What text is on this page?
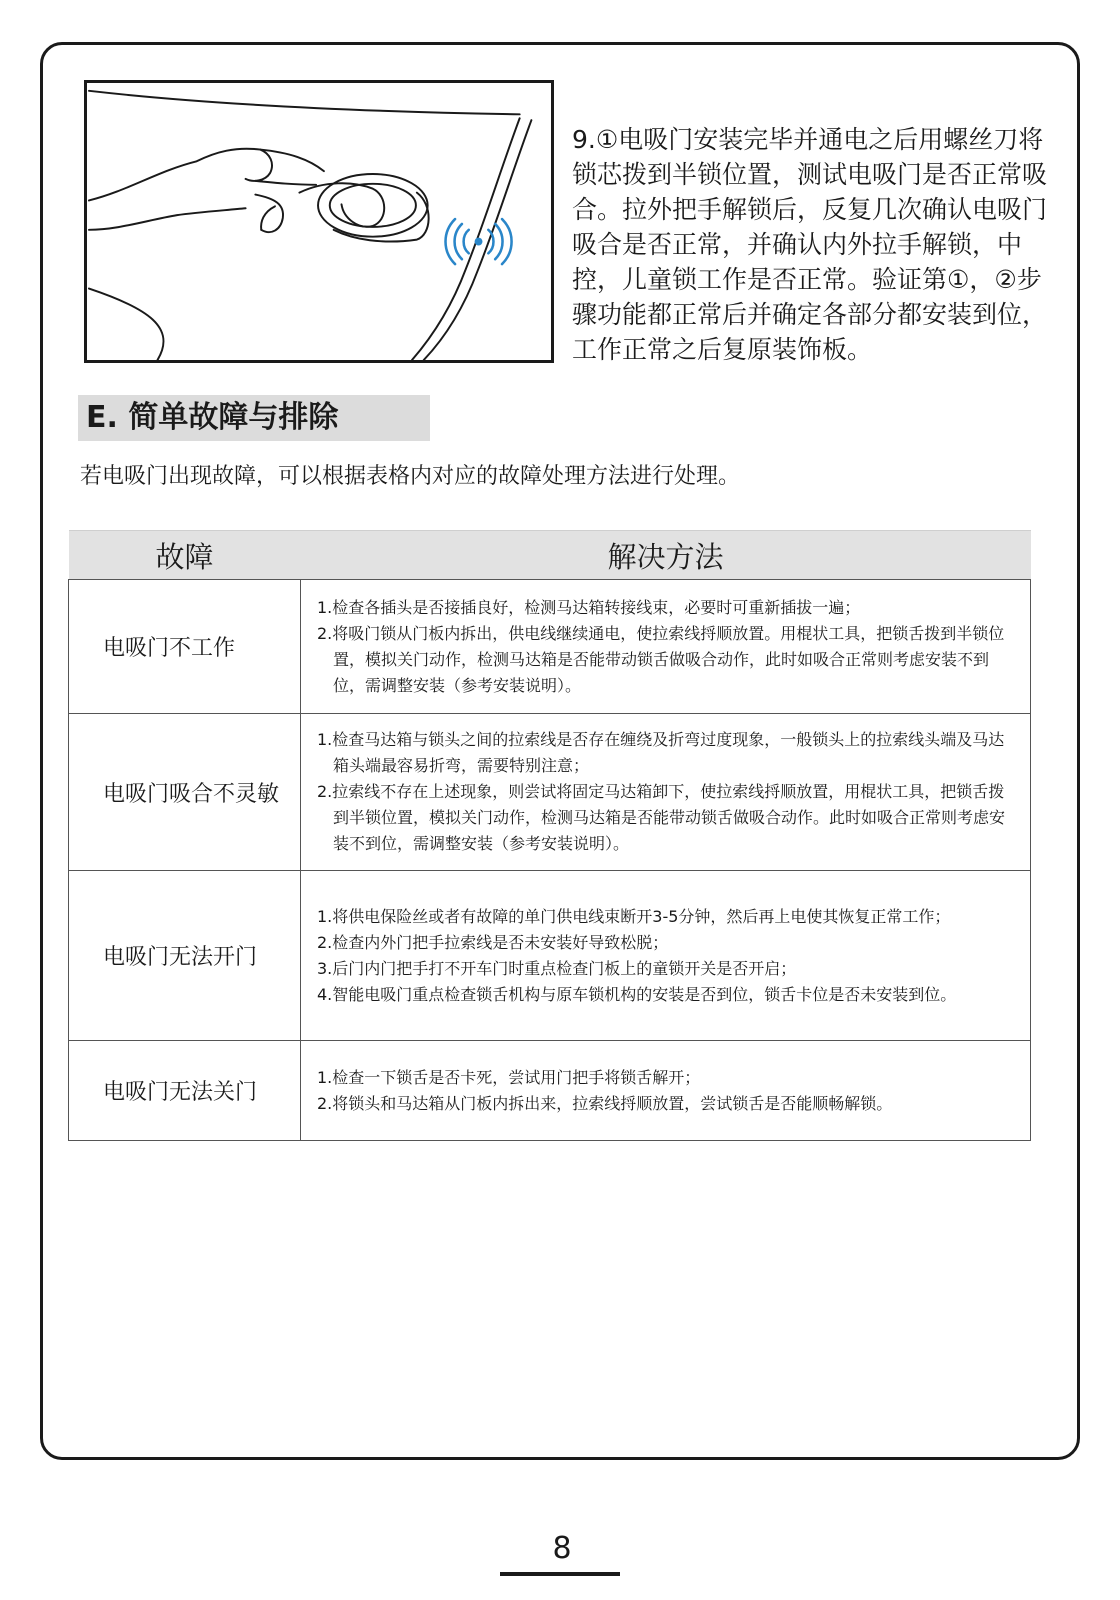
9.①电吸门安装完毕并通电之后用螺丝刀将锁芯拨到半锁位置，测试电吸门是否正常吸合。拉外把手解锁后，反复几次确认电吸门吸合是否正常，并确认内外拉手解锁，中控，儿童锁工作是否正常。验证第①，②步骤功能都正常后并确定各部分都安装到位，工作正常之后复原装饰板。

E. 简单故障与排除

若电吸门出现故障，可以根据表格内对应的故障处理方法进行处理。

故障	解决方法
电吸门不工作	1.检查各插头是否接插良好，检测马达箱转接线束，必要时可重新插拔一遍；

2.将吸门锁从门板内拆出，供电线继续通电，使拉索线捋顺放置。用棍状工具，把锁舌拨到半锁位置，模拟关门动作，检测马达箱是否能带动锁舌做吸合动作，此时如吸合正常则考虑安装不到位，需调整安装（参考安装说明）。

电吸门吸合不灵敏	1.检查马达箱与锁头之间的拉索线是否存在缠绕及折弯过度现象，一般锁头上的拉索线头端及马达箱头端最容易折弯，需要特别注意；

2.拉索线不存在上述现象，则尝试将固定马达箱卸下，使拉索线捋顺放置，用棍状工具，把锁舌拨到半锁位置，模拟关门动作，检测马达箱是否能带动锁舌做吸合动作。此时如吸合正常则考虑安装不到位，需调整安装（参考安装说明）。

电吸门无法开门	1.将供电保险丝或者有故障的单门供电线束断开3-5分钟，然后再上电使其恢复正常工作；

2.检查内外门把手拉索线是否未安装好导致松脱；

3.后门内门把手打不开车门时重点检查门板上的童锁开关是否开启；

4.智能电吸门重点检查锁舌机构与原车锁机构的安装是否到位，锁舌卡位是否未安装到位。

电吸门无法关门	1.检查一下锁舌是否卡死，尝试用门把手将锁舌解开；

2.将锁头和马达箱从门板内拆出来，拉索线捋顺放置，尝试锁舌是否能顺畅解锁。

8
